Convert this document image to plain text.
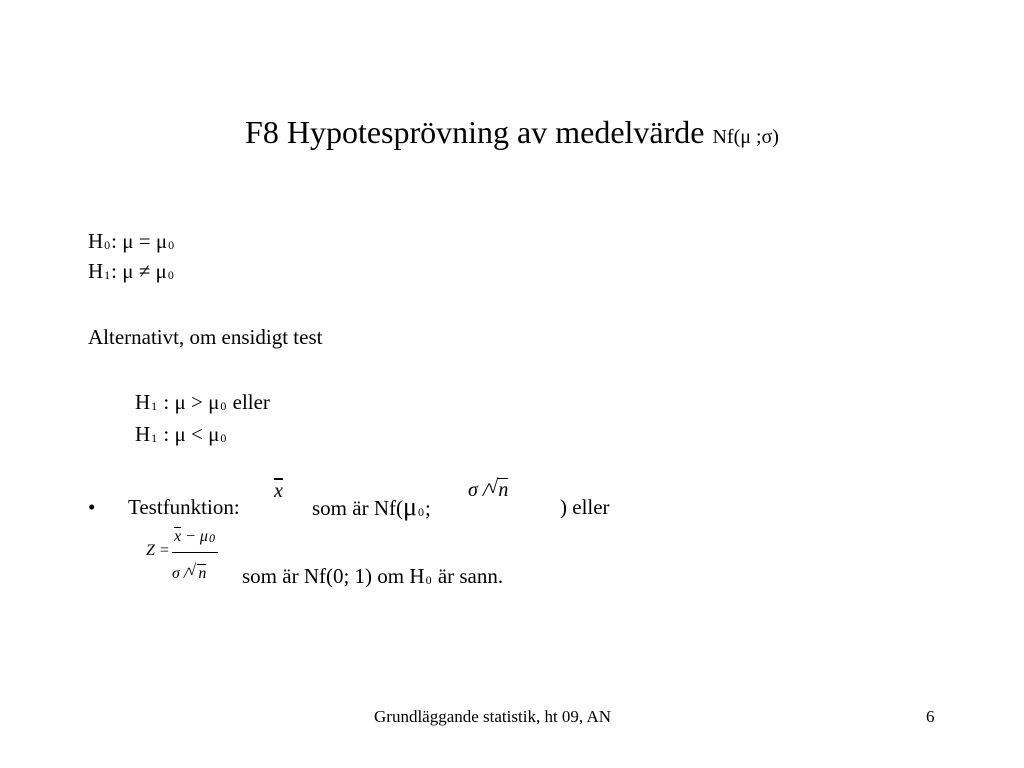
F8 Hypotesprövning av medelvärde Nf(μ ;σ)
H0: μ = μ0
H1: μ ≠ μ0
Alternativt, om ensidigt test
H1 : μ > μ0 eller
H1 : μ < μ0
• Testfunktion:
$\overline{x}$
som är Nf(μ0;
σ / √ n
) eller
Z =
$\overline{x} - \mu 0$
σ / √ n som är Nf(0; 1) om H0 är sann.
Grundläggande statistik, ht 09, AN	6
